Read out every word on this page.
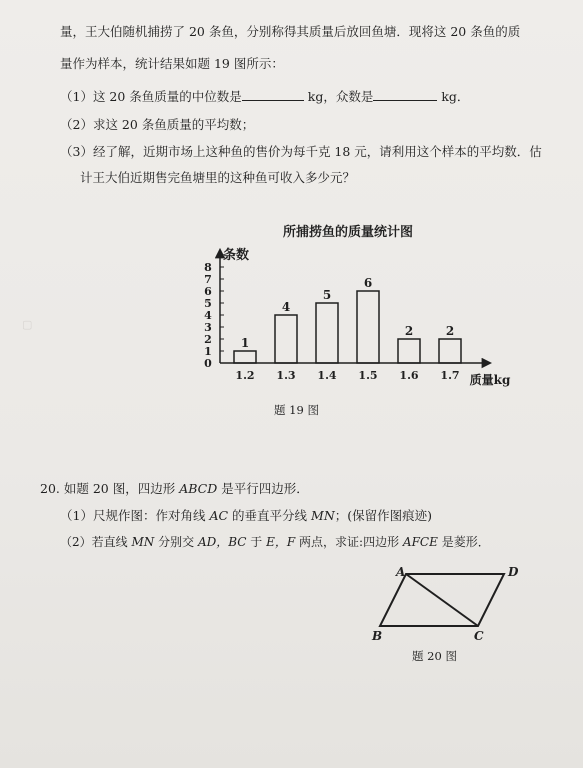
▢
量，王大伯随机捕捞了 20 条鱼，分别称得其质量后放回鱼塘．现将这 20 条鱼的质
量作为样本，统计结果如题 19 图所示：
（1）这 20 条鱼质量的中位数是	kg，众数是	kg．
（2）求这 20 条鱼质量的平均数；
（3）经了解，近期市场上这种鱼的售价为每千克 18 元，请利用这个样本的平均数．估
计王大伯近期售完鱼塘里的这种鱼可收入多少元？
所捕捞鱼的质量统计图
条数
质量kg
1
4
5
6
2	2
0
1
2
3
4
5
6
7
8
1.2 1.3 1.4 1.5 1.6 1.7
题 19 图
20. 如题 20 图，四边形 ABCD 是平行四边形．
（1）尺规作图：作对角线 AC 的垂直平分线 MN；(保留作图痕迹)
（2）若直线 MN 分别交 AD，BC 于 E，F 两点，求证:四边形 AFCE 是菱形．
A	D
B	C
题 20 图
